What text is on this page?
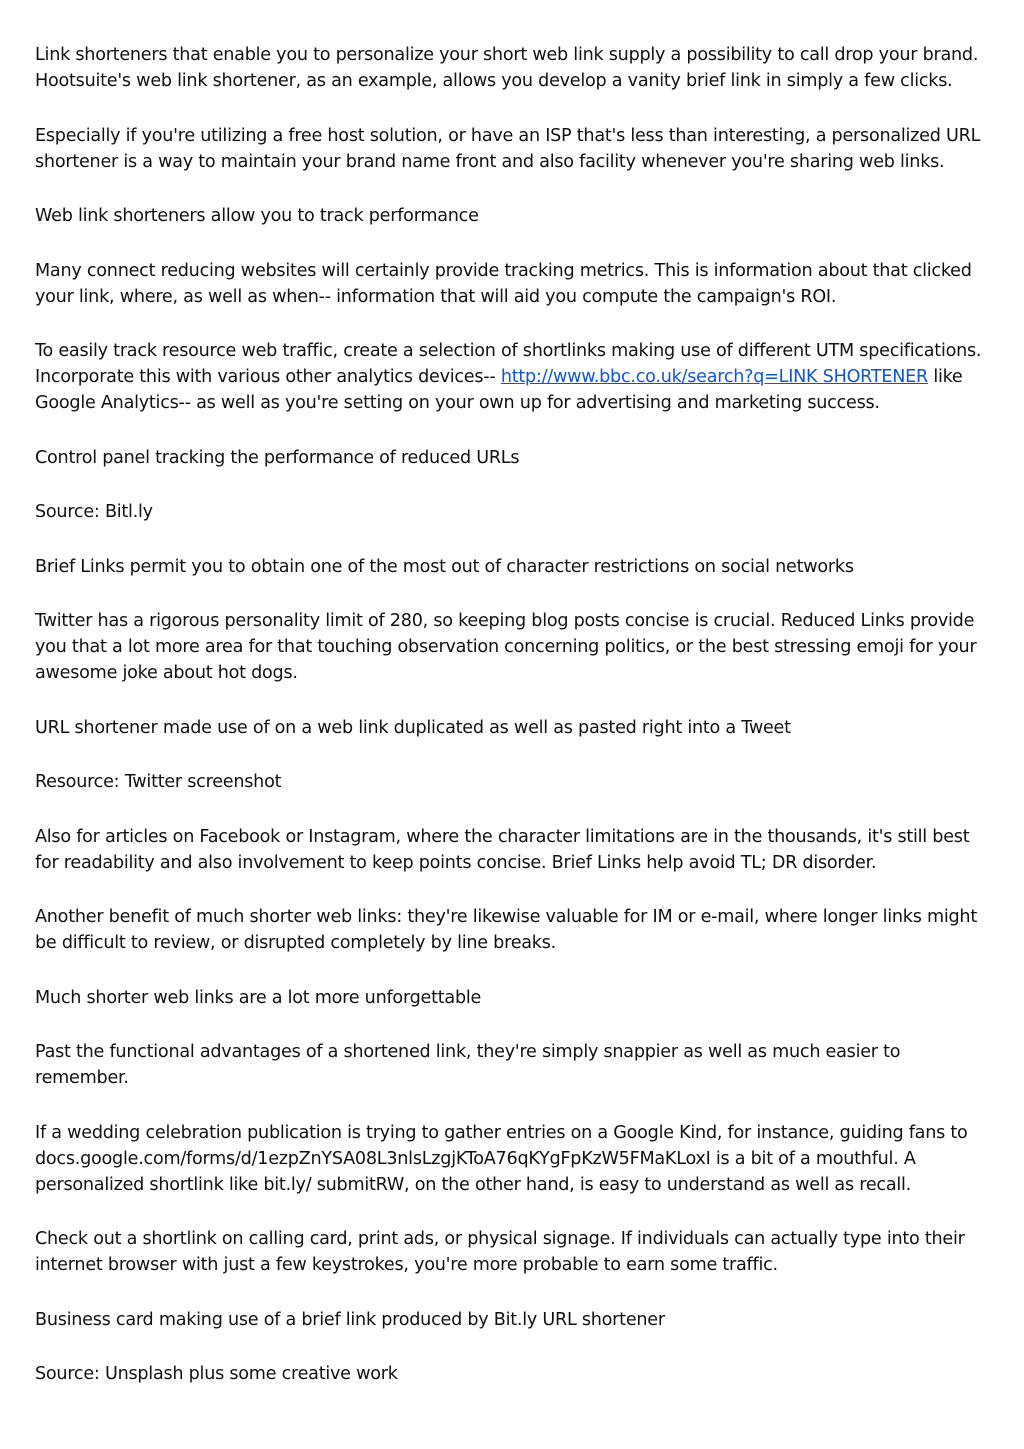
Link shorteners that enable you to personalize your short web link supply a possibility to call drop your brand. Hootsuite's web link shortener, as an example, allows you develop a vanity brief link in simply a few clicks.

Especially if you're utilizing a free host solution, or have an ISP that's less than interesting, a personalized URL shortener is a way to maintain your brand name front and also facility whenever you're sharing web links.

Web link shorteners allow you to track performance

Many connect reducing websites will certainly provide tracking metrics. This is information about that clicked your link, where, as well as when-- information that will aid you compute the campaign's ROI.

To easily track resource web traffic, create a selection of shortlinks making use of different UTM specifications. Incorporate this with various other analytics devices-- http://www.bbc.co.uk/search?q=LINK SHORTENER like Google Analytics-- as well as you're setting on your own up for advertising and marketing success.

Control panel tracking the performance of reduced URLs

Source: Bitl.ly

Brief Links permit you to obtain one of the most out of character restrictions on social networks

Twitter has a rigorous personality limit of 280, so keeping blog posts concise is crucial. Reduced Links provide you that a lot more area for that touching observation concerning politics, or the best stressing emoji for your awesome joke about hot dogs.

URL shortener made use of on a web link duplicated as well as pasted right into a Tweet

Resource: Twitter screenshot

Also for articles on Facebook or Instagram, where the character limitations are in the thousands, it's still best for readability and also involvement to keep points concise. Brief Links help avoid TL; DR disorder.

Another benefit of much shorter web links: they're likewise valuable for IM or e-mail, where longer links might be difficult to review, or disrupted completely by line breaks.

Much shorter web links are a lot more unforgettable

Past the functional advantages of a shortened link, they're simply snappier as well as much easier to remember.

If a wedding celebration publication is trying to gather entries on a Google Kind, for instance, guiding fans to docs.google.com/forms/d/1ezpZnYSA08L3nlsLzgjKToA76qKYgFpKzW5FMaKLoxI is a bit of a mouthful. A personalized shortlink like bit.ly/ submitRW, on the other hand, is easy to understand as well as recall.

Check out a shortlink on calling card, print ads, or physical signage. If individuals can actually type into their internet browser with just a few keystrokes, you're more probable to earn some traffic.

Business card making use of a brief link produced by Bit.ly URL shortener

Source: Unsplash plus some creative work
